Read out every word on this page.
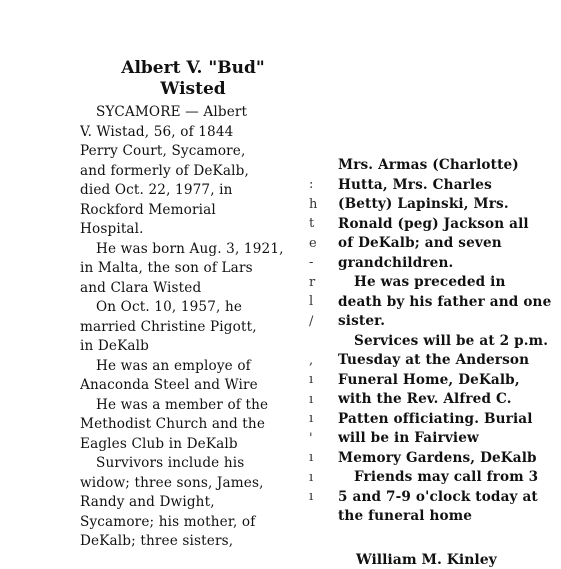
Albert V. "Bud"
Wisted
SYCAMORE — Albert
V. Wistad, 56, of 1844
Perry Court, Sycamore,
and formerly of DeKalb,
died Oct. 22, 1977, in
Rockford Memorial
Hospital.
He was born Aug. 3, 1921,
in Malta, the son of Lars
and Clara Wisted
On Oct. 10, 1957, he
married Christine Pigott,
in DeKalb
He was an employe of
Anaconda Steel and Wire
He was a member of the
Methodist Church and the
Eagles Club in DeKalb
Survivors include his
widow; three sons, James,
Randy and Dwight,
Sycamore; his mother, of
DeKalb; three sisters,
:
h
t
e
-
r
l
/
,
ı
ı
ı
'
ı
ı
ı
Mrs. Armas (Charlotte)
Hutta, Mrs. Charles
(Betty) Lapinski, Mrs.
Ronald (peg) Jackson all
of DeKalb; and seven
grandchildren.
He was preceded in
death by his father and one
sister.
Services will be at 2 p.m.
Tuesday at the Anderson
Funeral Home, DeKalb,
with the Rev. Alfred C.
Patten officiating. Burial
will be in Fairview
Memory Gardens, DeKalb
Friends may call from 3
5 and 7-9 o'clock today at
the funeral home
William M. Kinley
